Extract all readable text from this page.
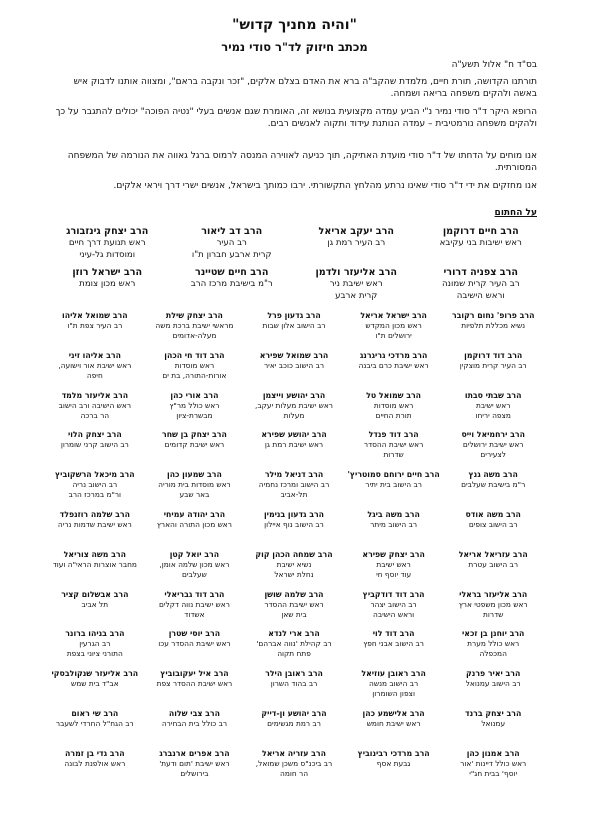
"והיה מחניך קדוש"
מכתב חיזוק לד"ר סודי נמיר
בס"ד ח" אלול תשע"ה
תורתנו הקדושה, תורת חיים, מלמדת שהקב"ה ברא את האדם בצלם אלקים, "זכר ונקבה בראם", ומצווה אותנו לדבוק איש באשה ולהקים משפחה בריאה ושמחה.
הרופא היקר ד"ר סודי נמיר נ"י הביע עמדה מקצועית בנושא זה, האומרת שגם אנשים בעלי "נטיה הפוכה" יכולים להתגבר על כך ולהקים משפחה נורמטיבית – עמדה הנותנת עידוד ותקוה לאנשים רבים.
אנו מוחים על הדחתו של ד"ר סודי מועדת האתיקה, תוך כניעה לאווירה המנסה לרמוס ברגל גאווה את הנורמה של המשפחה המסורתית.
אנו מחזקים את ידי ד"ר סודי שאינו נרתע מהלחץ התקשורתי. ירבו כמותך בישראל, אנשים ישרי דרך ויראי אלקים.
על החתום
הרב חיים דרוקמן
ראש ישיבות בני עקיבא
הרב יעקב אריאל
רב העיר רמת גן
הרב דב ליאור
רב העיר
קרית ארבע חברון ת"ו
הרב יצחק גינזבורג
ראש תנועת דרך חיים
ומוסדות גל-עיני
הרב צפניה דרורי
רב העיר קרית שמונה
וראש הישיבה
הרב אליעזר ולדמן
ראש ישיבת ניר
קרית ארבע
הרב חיים שטיינר
ר"מ בישיבת מרכז הרב
הרב ישראל רוזן
ראש מכון צומת
הרב פרופ' נחום רקובר
נשיא מכללת תלפיות
הרב ישראל אריאל
ראש מכון המקדש
ירושלים ת"ו
הרב גדעון פרל
רב הישוב אלון שבות
הרב יצחק שילת
מראשי ישיבת ברכת משה
מעלה-אדומים
הרב שמואל אליהו
רב העיר צפת ת"ו
הרב דוד דרוקמן
רב העיר קרית מוצקין
הרב מרדכי גריגרנג
ראש ישיבת כרם ביבנה
הרב שמואל שפירא
רב הישוב כוכב יאיר
הרב דוד חי הכהן
ראש מוסדות
אורות-התורה, בת ים
הרב אליהו זיני
ראש ישיבת אור וישועה,
חיפה
הרב שבתי סבתו
ראש ישיבת
מצפה יריחו
הרב שמואל טל
ראש מוסדות
תורת החיים
הרב יהושע וייצמן
ראש ישיבת מעלות יעקב,
מעלות
הרב אורי כהן
ראש כולל מר"ץ
מבשרת-ציון
הרב אליעזר מלמד
ראש הישיבה ורב הישוב
הר ברכה
הרב ירחמיאל וייס
ראש ישיבת ירושלים
לצעירים
הרב דוד פנדל
ראש ישיבת ההסדר
שדרות
הרב יהושע שפירא
ראש ישיבת רמת גן
הרב יצחק בן שחר
ראש ישיבת קדומים
הרב יצחק הלוי
רב הישוב קרני שומרון
הרב משה גנץ
ר"מ בישיבת שעלבים
הרב חיים ירוחם סמוטריץ'
רב הישוב בית יתיר
הרב דניאל מילר
רב הישוב ומרכז נחמיה
תל-אביב
הרב שמעון כהן
ראש מוסדות בית מוריה
באר שבע
הרב מיכאל הרשקוביץ
רב הישוב נריה
ור"מ במרכז הרב
הרב משה אודס
רב הישוב צופים
הרב משה ביגל
רב הישוב מיתר
הרב גדעון בנימין
רב הישוב נוף איילון
הרב יהודה עמיחי
ראש מכון התורה והארץ
הרב שלמה רוזנפלד
ראש ישיבת שדמות נריה
הרב עזריאל אריאל
רב הישוב עטרת
הרב יצחק שפירא
ראש ישיבת
עוד יוסף חי
הרב שמחה הכהן קוק
נשיא ישיבת
נחלת ישראל
הרב יואל קטן
ראש מכון שלמה אומן,
שעלבים
הרב משה צוריאל
מחבר אוצרות הראי"ה ועוד
הרב אליעזר בראלי
ראש מכון משפטי ארץ
שדרות
הרב דוד דודקביץ
רב הישוב יצהר
וראש הישיבה
הרב שלמה שושן
ראש ישיבת ההסדר
בית שאן
הרב דוד גבריאלי
ראש ישיבת נווה דקלים
אשדוד
הרב אבשלום קציר
תל אביב
הרב יוחנן בן זכאי
ראש כולל מערת
המכפלה
הרב דוד לוי
רב הישוב אבני חפץ
הרב ארי לנדא
רב קהילת 'נווה אברהם'
פתח תקוה
הרב יוסי שטרן
ראש ישיבת ההסדר עכו
הרב בניהו ברונר
רב הגרעין
התורני ציוני בצפת
הרב יאיר פרנק
רב הישוב עמנואל
הרב ראובן עוזיאל
רב הישוב מנשה
וצפון השומרון
הרב ראובן הילר
רב בהוד השרון
הרב איל יעקובוביץ
ראש ישיבת ההסדר צפת
הרב אליעזר שנקולבסקי
אב"ד בית שמש
הרב יצחק ברנד
עמנואל
הרב אלישמע כהן
ראש ישיבת חומש
הרב יהושע ון-דייק
רב רמת מגשימים
הרב צבי שלוה
רב כולל בית הבחירה
הרב שי ראום
רב הגח"ל החרדי לשעבר
הרב אמנון כהן
ראש כולל דיינות 'אור
יוסף' בבית חג"י
הרב מרדכי רבינוביץ
גבעת אסף
הרב עזריה אריאל
רב ביכנ"ס משכן שמואל,
הר חומה
הרב אפרים ארנברג
ראש ישיבת 'תום ודעת'
בירושלים
הרב גדי בן זמרה
ראש אולפנת לבונה
